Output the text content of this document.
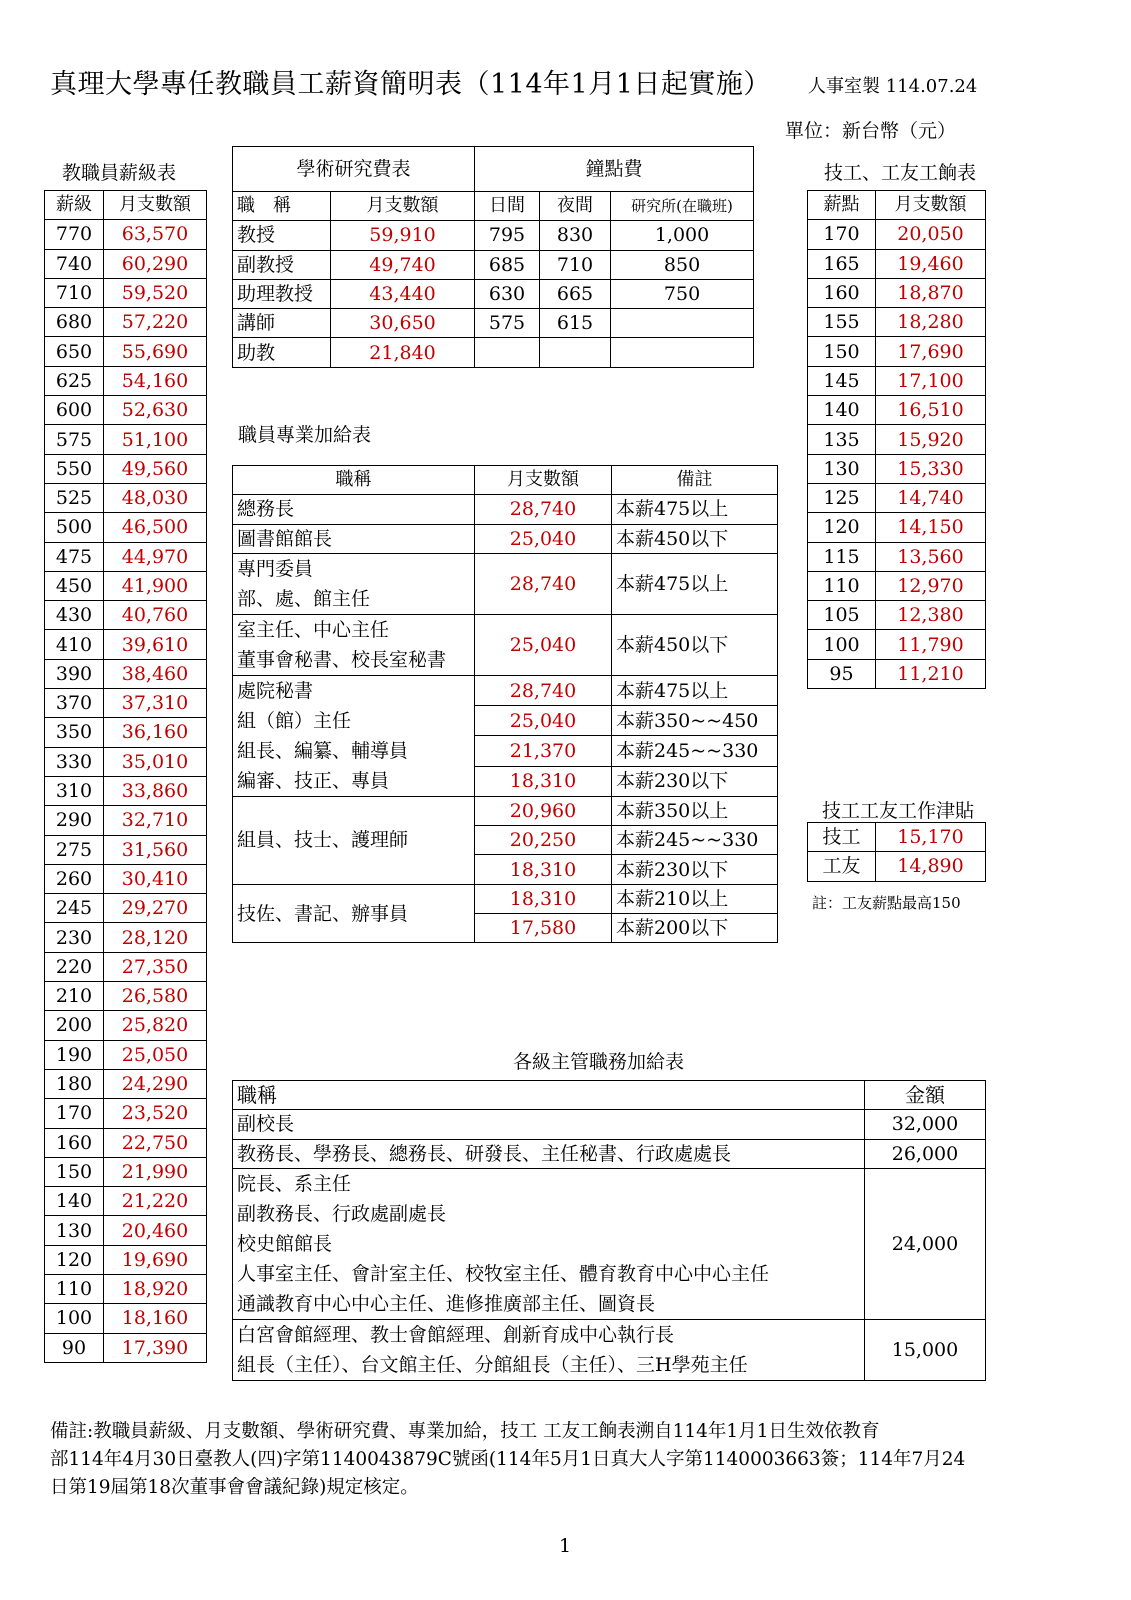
真理大學專任教職員工薪資簡明表（114年1月1日起實施） 人事室製 114.07.24
單位：新台幣（元）
教職員薪級表	技工、工友工餉表
職員專業加給表
技工工友工作津貼
各級主管職務加給表
薪級	月支數額
770	63,570
740	60,290
710	59,520
680	57,220
650	55,690
625	54,160
600	52,630
575	51,100
550	49,560
525	48,030
500	46,500
475	44,970
450	41,900
430	40,760
410	39,610
390	38,460
370	37,310
350	36,160
330	35,010
310	33,860
290	32,710
275	31,560
260	30,410
245	29,270
230	28,120
220	27,350
210	26,580
200	25,820
190	25,050
180	24,290
170	23,520
160	22,750
150	21,990
140	21,220
130	20,460
120	19,690
110	18,920
100	18,160
90	17,390
學術研究費表		鐘點費		
職　稱	月支數額	日間	夜間	研究所(在職班)
教授	59,910	795	830	1,000
副教授	49,740	685	710	850
助理教授	43,440	630	665	750
講師	30,650	575	615	
助教	21,840			
薪點	月支數額
170	20,050
165	19,460
160	18,870
155	18,280
150	17,690
145	17,100
140	16,510
135	15,920
130	15,330
125	14,740
120	14,150
115	13,560
110	12,970
105	12,380
100	11,790
95	11,210
技工	15,170
工友	14,890
註：工友薪點最高150
職稱	月支數額	備註
總務長	28,740	本薪475以上
圖書館館長	25,040	本薪450以下

專門委員
部、處、館主任	28,740	本薪475以上

室主任、中心主任
董事會秘書、校長室秘書	25,040	本薪450以下

處院秘書
組（館）主任
組長、編纂、輔導員
編審、技正、專員	28,740	本薪475以上
	25,040	本薪350~~450
	21,370	本薪245~~330
	18,310	本薪230以下
組員、技士、護理師	20,960	本薪350以上
	20,250	本薪245~~330
	18,310	本薪230以下
技佐、書記、辦事員	18,310	本薪210以上
	17,580	本薪200以下
職稱	金額
副校長	32,000
教務長、學務長、總務長、研發長、主任秘書、行政處處長	26,000

院長、系主任
副教務長、行政處副處長
校史館館長
人事室主任、會計室主任、校牧室主任、體育教育中心中心主任
通識教育中心中心主任、進修推廣部主任、圖資長	24,000

白宮會館經理、教士會館經理、創新育成中心執行長
組長（主任）、台文館主任、分館組長（主任）、三H學苑主任	15,000
備註:教職員薪級、月支數額、學術研究費、專業加給，技工 工友工餉表溯自114年1月1日生效依教育
部114年4月30日臺教人(四)字第1140043879C號函(114年5月1日真大人字第1140003663簽；114年7月24
日第19屆第18次董事會會議紀錄)規定核定。
1
